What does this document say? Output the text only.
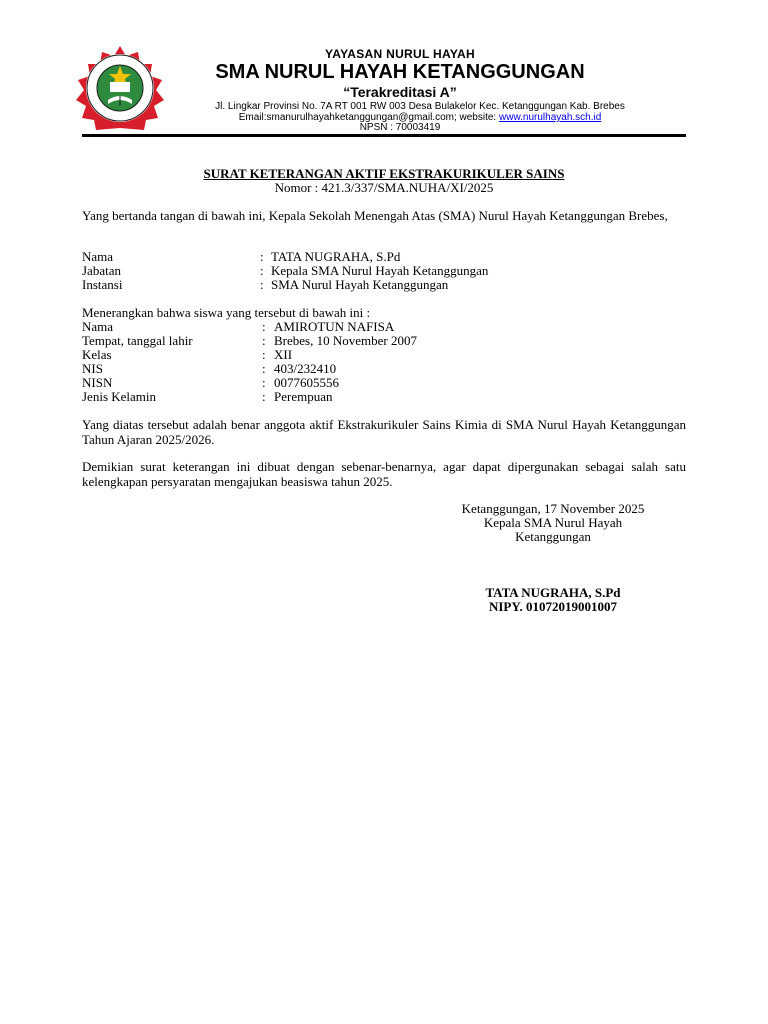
YAYASAN NURUL HAYAH
SMA NURUL HAYAH KETANGGUNGAN
“Terakreditasi A”
Jl. Lingkar Provinsi No. 7A RT 001 RW 003 Desa Bulakelor Kec. Ketanggungan Kab. Brebes
Email:smanurulhayahketanggungan@gmail.com; website: www.nurulhayah.sch.id
NPSN : 70003419
SURAT KETERANGAN AKTIF EKSTRAKURIKULER SAINS
Nomor : 421.3/337/SMA.NUHA/XI/2025
Yang bertanda tangan di bawah ini, Kepala Sekolah Menengah Atas (SMA) Nurul Hayah Ketanggungan Brebes,
Nama	: TATA NUGRAHA, S.Pd
Jabatan	: Kepala SMA Nurul Hayah Ketanggungan
Instansi	: SMA Nurul Hayah Ketanggungan
Menerangkan bahwa siswa yang tersebut di bawah ini :
Nama	: AMIROTUN NAFISA
Tempat, tanggal lahir	: Brebes, 10 November 2007
Kelas	: XII
NIS	: 403/232410
NISN	: 0077605556
Jenis Kelamin	: Perempuan
Yang diatas tersebut adalah benar anggota aktif Ekstrakurikuler Sains Kimia di SMA Nurul Hayah Ketanggungan Tahun Ajaran 2025/2026.
Demikian surat keterangan ini dibuat dengan sebenar-benarnya, agar dapat dipergunakan sebagai salah satu kelengkapan persyaratan mengajukan beasiswa tahun 2025.
Ketanggungan, 17 November 2025
Kepala SMA Nurul Hayah
Ketanggungan
TATA NUGRAHA, S.Pd
NIPY. 01072019001007
